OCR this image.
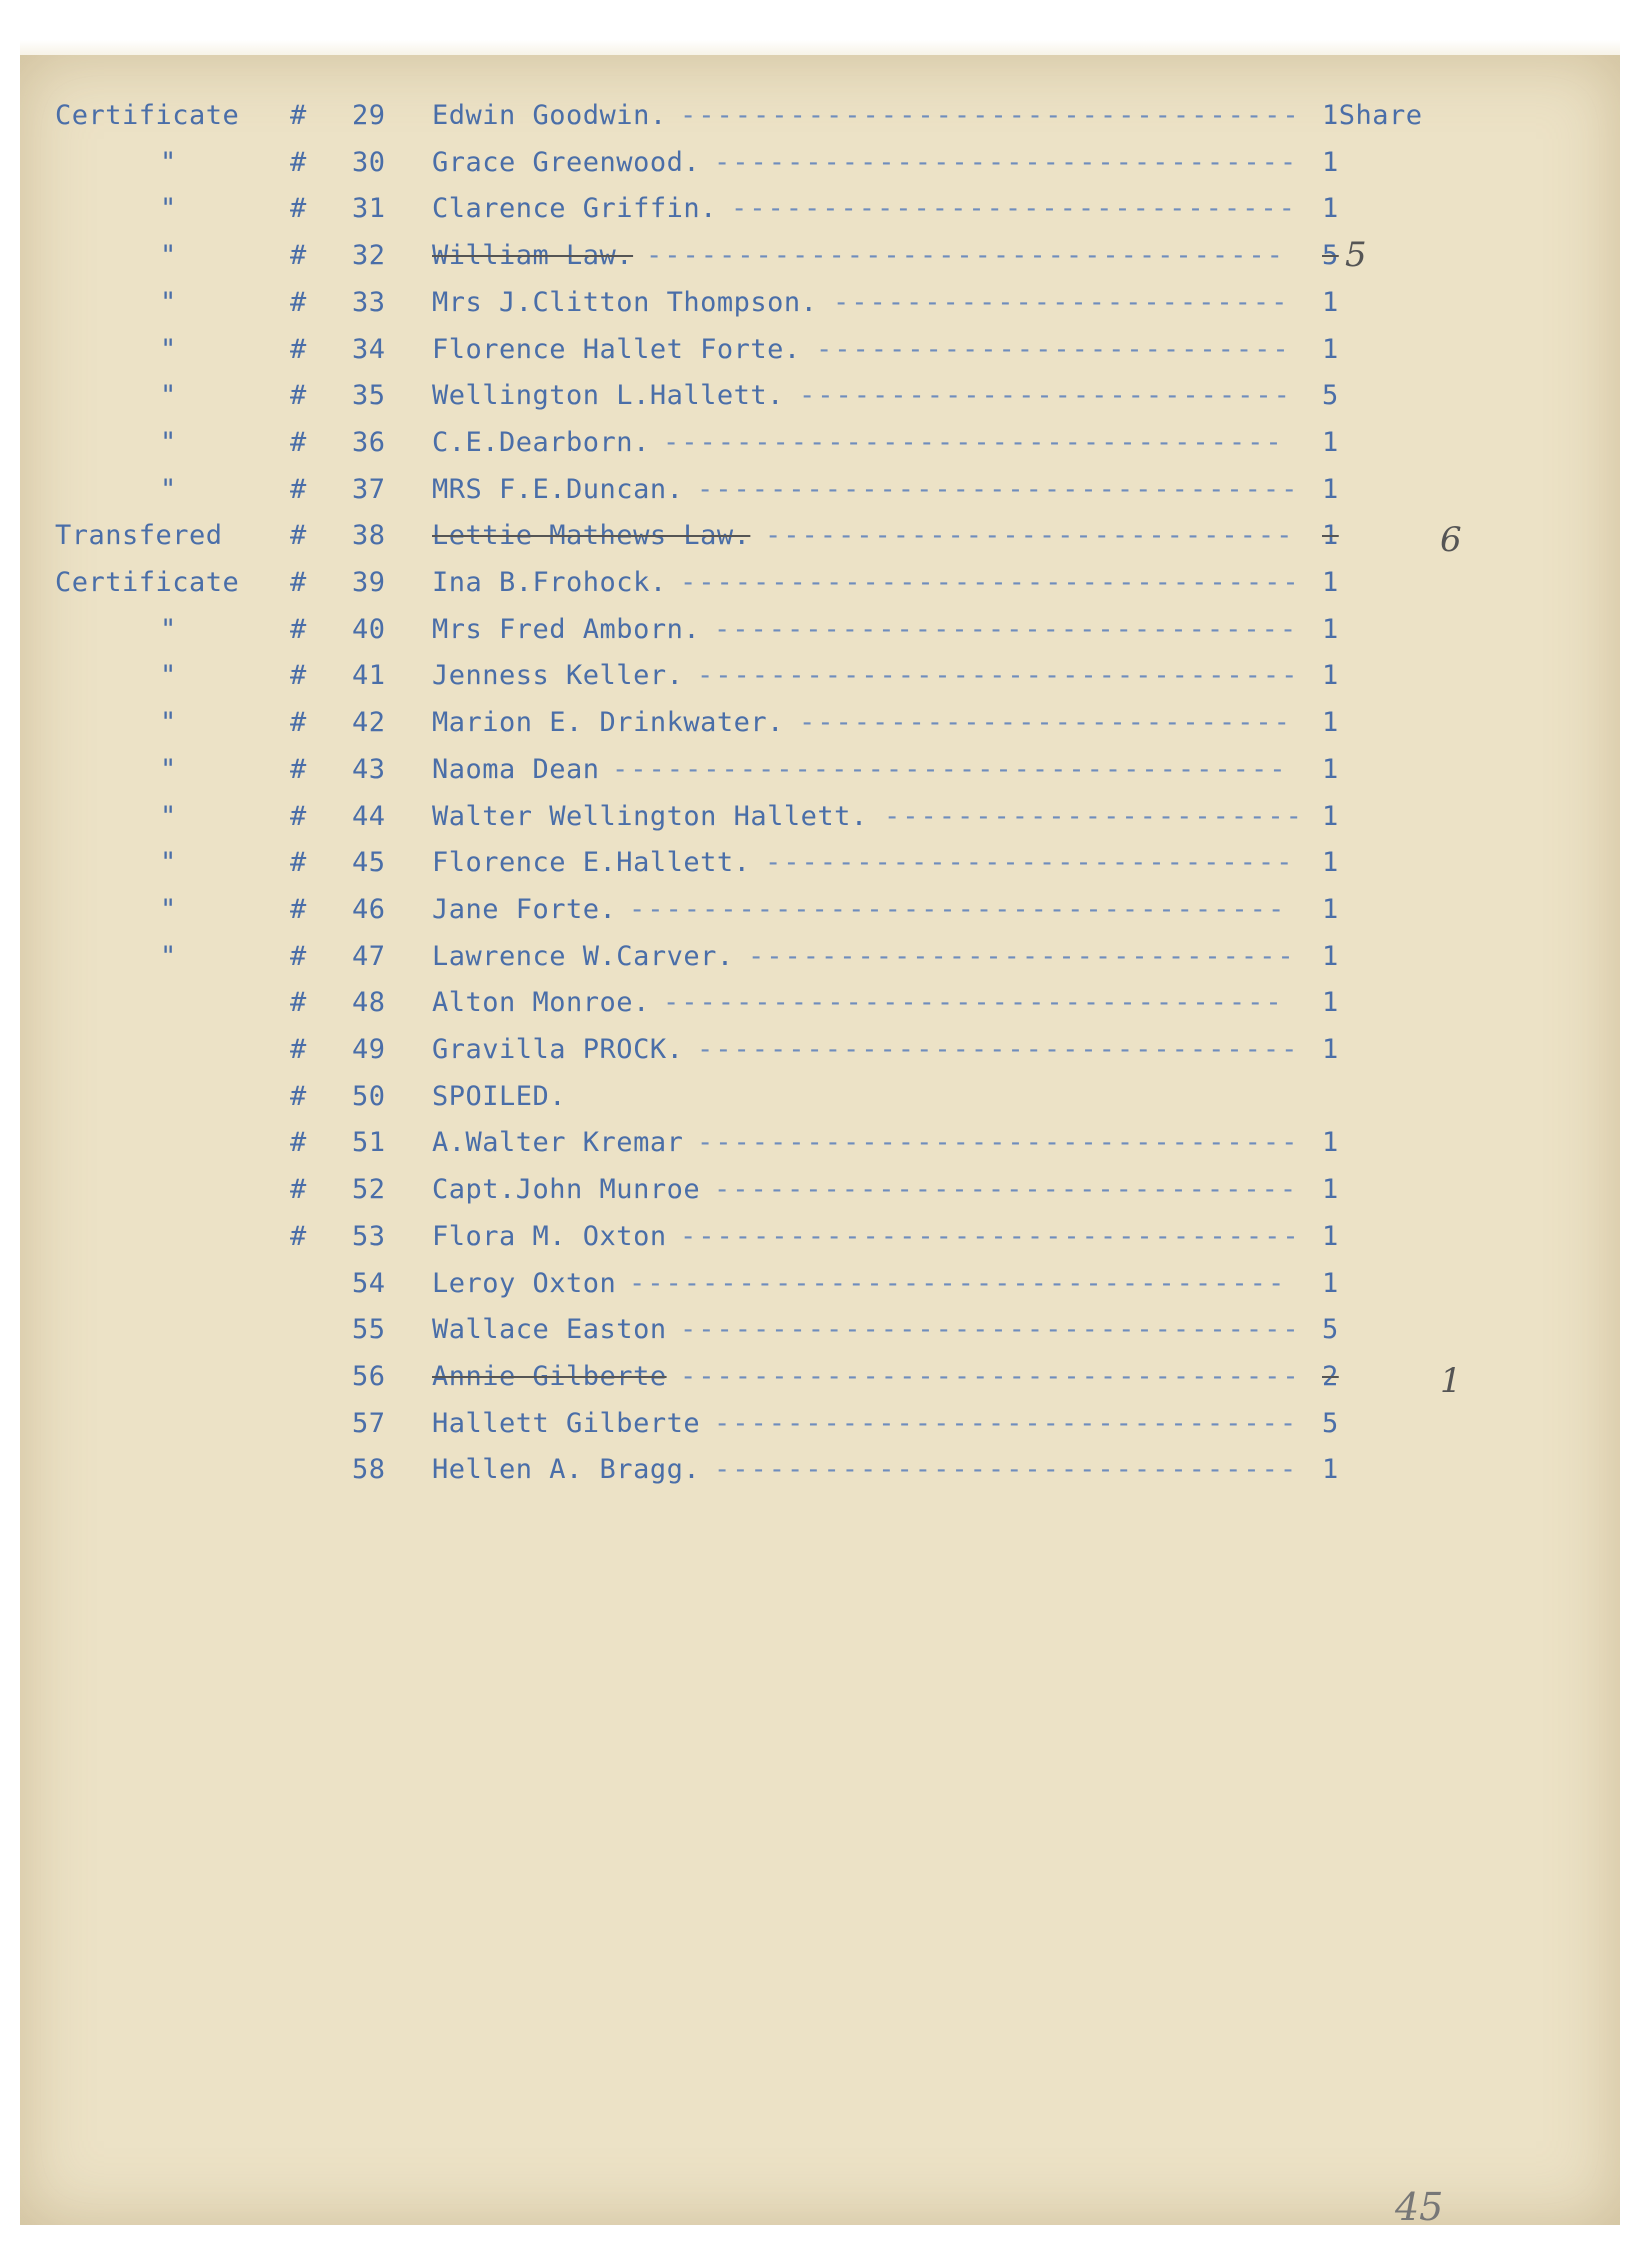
Certificate # 29 Edwin Goodwin. ---------------------------------- 1Share
"	# 30 Grace Greenwood. -------------------------------- 1
"	# 31 Clarence Griffin. ------------------------------- 1
"	# 32 William Law. ----------------------------------- 5
"	# 33 Mrs J.Clitton Thompson. ------------------------- 1
"	# 34 Florence Hallet Forte. -------------------------- 1
"	# 35 Wellington L.Hallett. --------------------------- 5
"	# 36 C.E.Dearborn. ---------------------------------- 1
"	# 37 MRS F.E.Duncan. --------------------------------- 1
Transfered # 38 Lettie Mathews Law. ----------------------------- 1	6
Certificate # 39 Ina B.Frohock. ---------------------------------- 1
"	# 40 Mrs Fred Amborn. -------------------------------- 1
"	# 41 Jenness Keller. --------------------------------- 1
"	# 42 Marion E. Drinkwater. --------------------------- 1
"	# 43 Naoma Dean ------------------------------------- 1
"	# 44 Walter Wellington Hallett. ----------------------- 1
"	# 45 Florence E.Hallett. ----------------------------- 1
"	# 46 Jane Forte. ------------------------------------ 1
"	# 47 Lawrence W.Carver. ------------------------------ 1
# 48 Alton Monroe. ---------------------------------- 1
# 49 Gravilla PROCK. --------------------------------- 1
# 50 SPOILED.
# 51 A.Walter Kremar --------------------------------- 1
# 52 Capt.John Munroe -------------------------------- 1
# 53 Flora M. Oxton ---------------------------------- 1
54 Leroy Oxton ------------------------------------ 1
55 Wallace Easton ---------------------------------- 5
56 Annie Gilberte ---------------------------------- 2	1
57 Hallett Gilberte -------------------------------- 5
58 Hellen A. Bragg. -------------------------------- 1
5
45
